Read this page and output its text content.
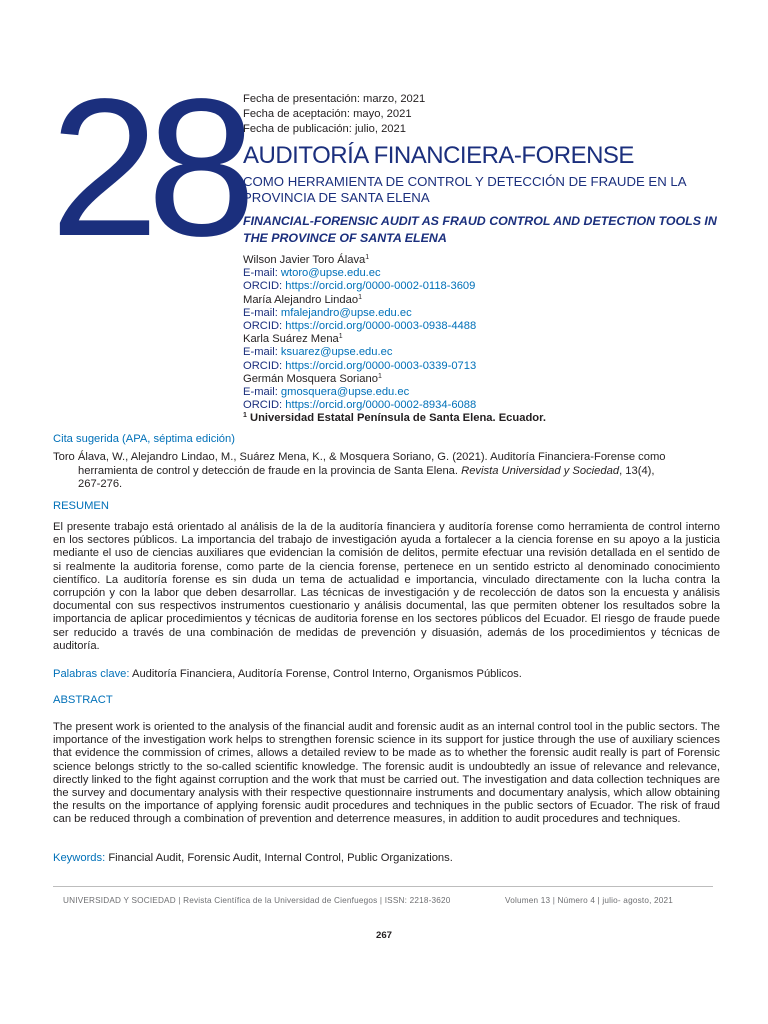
28
Fecha de presentación: marzo, 2021
Fecha de aceptación: mayo, 2021
Fecha de publicación: julio, 2021
AUDITORÍA FINANCIERA-FORENSE
COMO HERRAMIENTA DE CONTROL Y DETECCIÓN DE FRAUDE EN LA PROVINCIA DE SANTA ELENA
FINANCIAL-FORENSIC AUDIT AS FRAUD CONTROL AND DETECTION TOOLS IN THE PROVINCE OF SANTA ELENA
Wilson Javier Toro Álava$^1$
E-mail: wtoro@upse.edu.ec
ORCID: https://orcid.org/0000-0002-0118-3609
María Alejandro Lindao$^1$
E-mail: mfalejandro@upse.edu.ec
ORCID: https://orcid.org/0000-0003-0938-4488
Karla Suárez Mena$^1$
E-mail: ksuarez@upse.edu.ec
ORCID: https://orcid.org/0000-0003-0339-0713
Germán Mosquera Soriano$^1$
E-mail: gmosquera@upse.edu.ec
ORCID: https://orcid.org/0000-0002-8934-6088
$^1$ Universidad Estatal Península de Santa Elena. Ecuador.
Cita sugerida (APA, séptima edición)
Toro Álava, W., Alejandro Lindao, M., Suárez Mena, K., & Mosquera Soriano, G. (2021). Auditoría Financiera-Forense como
herramienta de control y detección de fraude en la provincia de Santa Elena. Revista Universidad y Sociedad, 13(4),
267-276.
RESUMEN
El presente trabajo está orientado al análisis de la de la auditoría financiera y auditoría forense como herramienta de control interno en los sectores públicos. La importancia del trabajo de investigación ayuda a fortalecer a la ciencia forense en su apoyo a la justicia mediante el uso de ciencias auxiliares que evidencian la comisión de delitos, permite efectuar una revisión detallada en el sentido de si realmente la auditoria forense, como parte de la ciencia forense, pertenece en un sentido estricto al denominado conocimiento científico. La auditoría forense es sin duda un tema de actualidad e importancia, vinculado directamente con la lucha contra la corrupción y con la labor que deben desarrollar. Las técnicas de investigación y de recolección de datos son la encuesta y análisis documental con sus respectivos instrumentos cuestionario y análisis documental, las que permiten obtener los resultados sobre la importancia de aplicar procedimientos y técnicas de auditoria forense en los sectores públicos del Ecuador. El riesgo de fraude puede ser reducido a través de una combinación de medidas de prevención y disuasión, además de los procedimientos y técnicas de auditoría.
Palabras clave: Auditoría Financiera, Auditoría Forense, Control Interno, Organismos Públicos.
ABSTRACT
The present work is oriented to the analysis of the financial audit and forensic audit as an internal control tool in the public sectors. The importance of the investigation work helps to strengthen forensic science in its support for justice through the use of auxiliary sciences that evidence the commission of crimes, allows a detailed review to be made as to whether the forensic audit really is part of Forensic science belongs strictly to the so-called scientific knowledge. The forensic audit is undoubtedly an issue of relevance and relevance, directly linked to the fight against corruption and the work that must be carried out. The investigation and data collection techniques are the survey and documentary analysis with their respective questionnaire instruments and documentary analysis, which allow obtaining the results on the importance of applying forensic audit procedures and techniques in the public sectors of Ecuador. The risk of fraud can be reduced through a combination of prevention and deterrence measures, in addition to audit procedures and techniques.
Keywords: Financial Audit, Forensic Audit, Internal Control, Public Organizations.
UNIVERSIDAD Y SOCIEDAD | Revista Científica de la Universidad de Cienfuegos | ISSN: 2218-3620	Volumen 13 | Número 4 | julio- agosto, 2021
267
